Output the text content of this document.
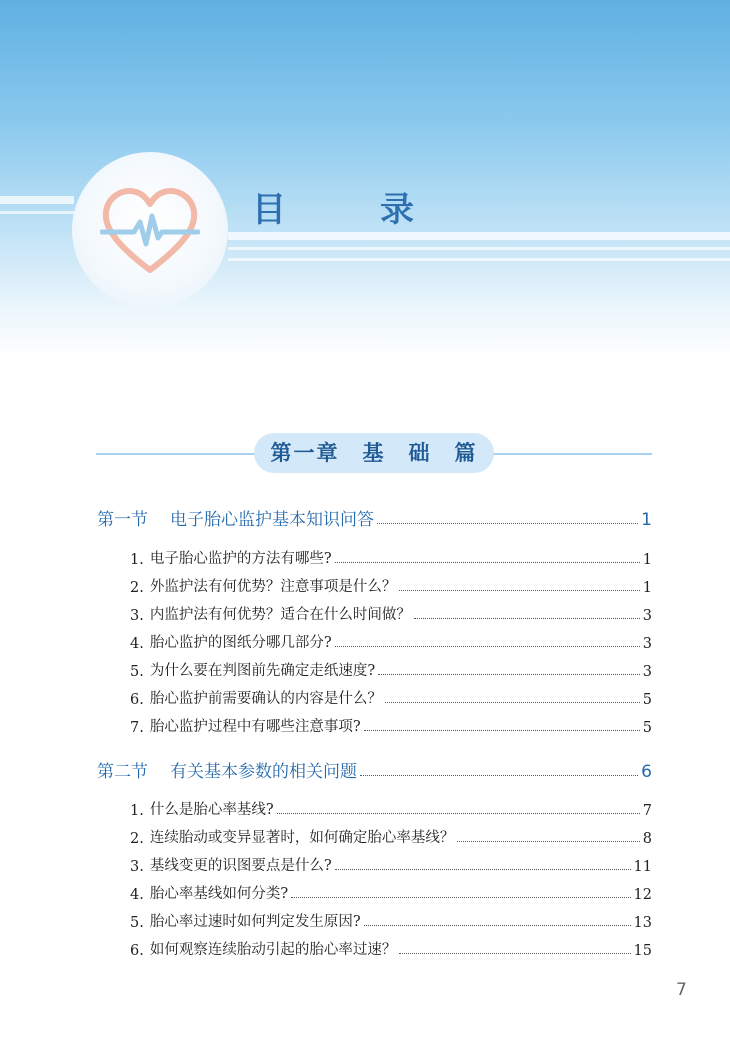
目　录
第一章　基　础　篇
第一节 电子胎心监护基本知识问答	1
1. 电子胎心监护的方法有哪些?	1
2. 外监护法有何优势？注意事项是什么？	1
3. 内监护法有何优势？适合在什么时间做？	3
4. 胎心监护的图纸分哪几部分?	3
5. 为什么要在判图前先确定走纸速度?	3
6. 胎心监护前需要确认的内容是什么？	5
7. 胎心监护过程中有哪些注意事项?	5
第二节 有关基本参数的相关问题	6
1. 什么是胎心率基线?	7
2. 连续胎动或变异显著时，如何确定胎心率基线？	8
3. 基线变更的识图要点是什么?	11
4. 胎心率基线如何分类?	12
5. 胎心率过速时如何判定发生原因?	13
6. 如何观察连续胎动引起的胎心率过速？	15
7
